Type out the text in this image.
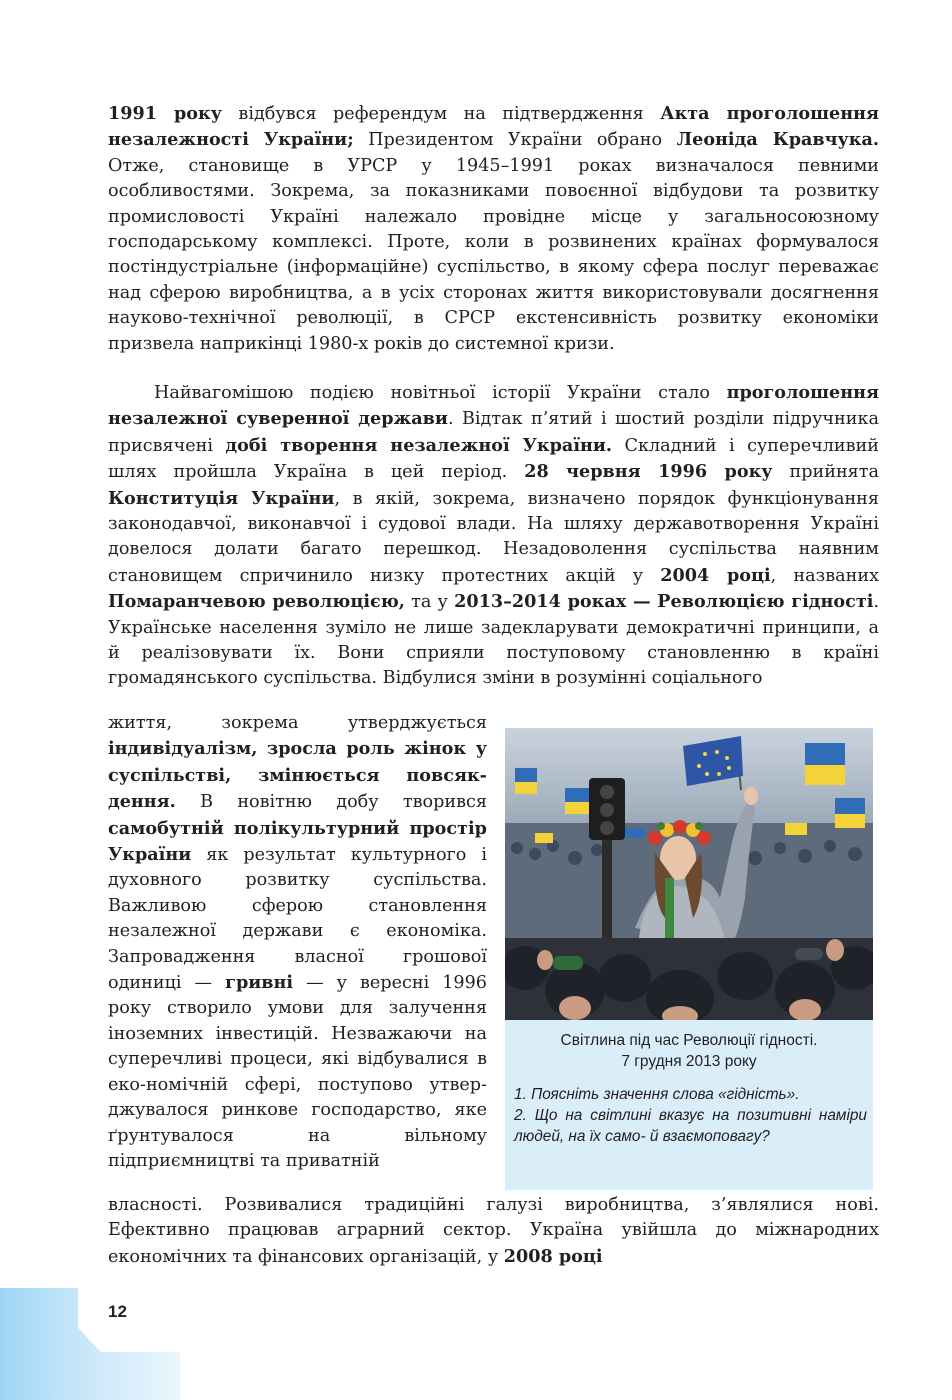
1991 року відбувся референдум на підтвердження Акта проголошення незалежності України; Президентом України обрано Леоніда Кравчука. Отже, становище в УРСР у 1945–1991 роках визначалося певними особливостями. Зокрема, за показниками повоєнної відбудови та розвитку промисловості Україні належало провідне місце у загальносоюзному господарському комплексі. Проте, коли в розвинених країнах формувалося постіндустріальне (інформаційне) суспільство, в якому сфера послуг переважає над сферою виробництва, а в усіх сторонах життя використовували досягнення науково-технічної революції, в СРСР екстенсивність розвитку економіки призвела наприкінці 1980-х років до системної кризи.

Найвагомішою подією новітньої історії України стало проголошення незалежної суверенної держави. Відтак п’ятий і шостий розділи підручника присвячені добі творення незалежної України. Складний і суперечливий шлях пройшла Україна в цей період. 28 червня 1996 року прийнята Конституція України, в якій, зокрема, визначено порядок функціонування законодавчої, виконавчої і судової влади. На шляху державотворення Україні довелося долати багато перешкод. Незадоволення суспільства наявним становищем спричинило низку протестних акцій у 2004 році, названих Помаранчевою революцією, та у 2013–2014 роках — Революцією гідності. Українське населення зуміло не лише задекларувати демократичні принципи, а й реалізовувати їх. Вони сприяли поступовому становленню в країні громадянського суспільства. Відбулися зміни в розумінні соціального

життя, зокрема утверджується індивідуалізм, зросла роль жінок у суспільстві, змінюється повсяк-дення. В новітню добу творився самобутній полікультурний простір України як результат культурного і духовного розвитку суспільства. Важливою сферою становлення незалежної держави є економіка. Запровадження власної грошової одиниці — гривні — у вересні 1996 року створило умови для залучення іноземних інвестицій. Незважаючи на суперечливі процеси, які відбувалися в еко-номічній сфері, поступово утвер-джувалося ринкове господарство, яке ґрунтувалося на вільному підприємництві та приватній

власності. Розвивалися традиційні галузі виробництва, з’являлися нові. Ефективно працював аграрний сектор. Україна увійшла до міжнародних економічних та фінансових організацій, у 2008 році

Світлина під час Революції гідності.
7 грудня 2013 року
1. Поясніть значення слова «гідність».
2. Що на світлині вказує на позитивні наміри людей, на їх само- й взаємоповагу?
12
